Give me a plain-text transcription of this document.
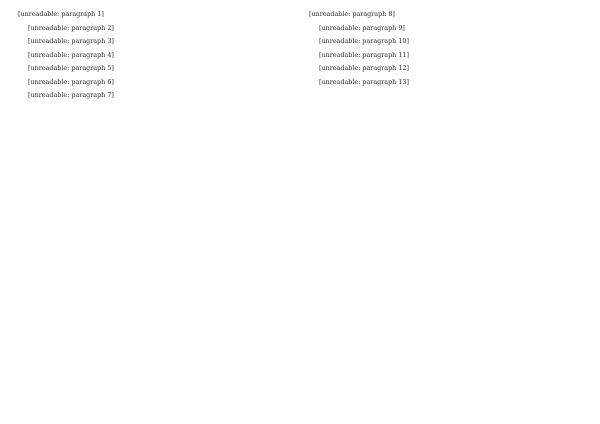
[unreadable: paragraph 1]

[unreadable: paragraph 2]

[unreadable: paragraph 3]

[unreadable: paragraph 4]

[unreadable: paragraph 5]

[unreadable: paragraph 6]

[unreadable: paragraph 7]

[unreadable: paragraph 8]

[unreadable: paragraph 9]

[unreadable: paragraph 10]

[unreadable: paragraph 11]

[unreadable: paragraph 12]

[unreadable: paragraph 13]
